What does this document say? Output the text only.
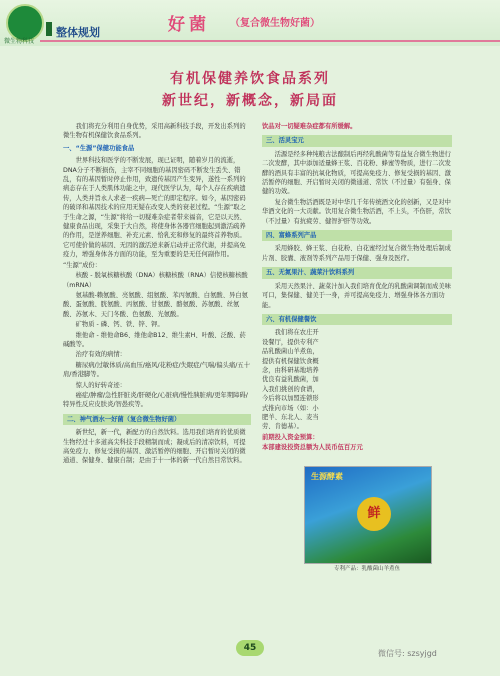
微生物科技
整体规划	好菌 （复合微生物好菌）
有机保健养饮食品系列
新世纪，新概念，新局面

我们将充分利用自身优势，采用高新科技手段，开发出系列的微生物有机保健饮食品系列。

一、“生源”保健功能食品

世界科技和医学的不断发展，现已证明，随着岁月的流逝，DNA分子不断损伤，主宰不同细胞的基因密码不断发生丢失、错乱，有的基因暂时停止作用，致遗传基因产生变异，遂性一系列的病态存在于人类肌体功能之中，现代医学认为，每个人存在疾病遗传，人类并旨永人求老一疾病—死亡的即定程序。如今，基因密码的破译和基因技术的应用无疑在改变人类的衰老过程。“生源”取之于生命之源，“生源”将给一切疑难杂症者带来福音，它是以天然、健康食品出现，采集于大自然，将使身体各器官细胞起到激活疏养的作用，是逆养细胞、补充元素、恰乳充和修复的最终首养物质。它可使价做的基因、无因的激活逆来新启动并正常代谢，并提高免疫力，增强身体各方面的功能，至为重要的是无任何副作用。

“生源”成份：

核酸 - 脱氧核糖核酸（DNA）核糖核酸（RNA）信使核糖核酸（mRNA）

氨基酸-赖氨酸、亮氨酸、组氨酸、苯丙氨酸、白氨酸、异白氨酸、蛋氨酸、胱氨酸、丙氨酸、甘氨酸、酪氨酸、苏氨酸、丝氨酸、苏氨木、天门冬酸、色氨酸、光氨酸。

矿物质 - 磷、钙、铁、锌、钾。

维他命 - 维他命B6、维他命B12、维生素H、叶酸、泛酸、菸碱酸等。

治疗有效的病情：

糖尿病/过敏体质/高血压/癌风/花粉症/失眠症/气喘/偏头痛/五十肩/香港脚等。

惊人的好转奇迹：

癌症/肿瘤/急性肝脏炎/肝硬化/心脏病/慢性胰脏病/更年期障碍/特异性反应皮肤炎/智愚疾等。

二、神气酒水一好菌（复合微生物好菌）

新世纪，新一代，新配方的自然饮料。选用我们培育的优质微生物经过十多道高尖科技手段精制而成；凝成后的清凉饮料，可提高免疫力、修复受损的基因、激活暂停的细胞、开启暂时关闭的微通道、保健身、健康自制；是由于十一体的新一代自然目常饮料。

饮品对一切疑难杂症都有所缓解。

三、活灵宝元

活源是经多种纯粮古法酿制后再经乳酸菌等有益复合微生物进行二次发酵，其中添加适量蜂王浆、百花粉、蜂蜜等物质，进行二次发酵的酒具有丰富的抗氧化物质，可提高免疫力、修复受损的基因、激活暂停的细胞、开启暂时关闭的微通道、常饮（不过量）有强身、保健的功效。

复合微生物活酒既是对中华几千年传统酒文化的创新，又是对中华酒文化的一大贡献。饮用复合微生物活酒，不上头，不伤肝，常饮（不过量）有抗疲劳、健智护肝等功效。

四、富蜂系列产品

采用蜂胶、蜂王浆、白花粉、白花蜜经过复合微生物处理后制成片剂、胶囊、液剂等系列产品用于保健、强身及医疗。

五、无氮果汁、蔬菜汁饮料系列

采用天然果汁、蔬菜汁加入我们培育优化的乳酸菌调制而成美味可口，集保健、健美于一身，并可提高免疫力、增强身体各方面功能。

六、有机保健餐饮

我们将在农庄开设餐厅，提供专利产品乳酸菌山羊煮鱼，提供有机保健饮食概念，由科研基地培养优良有益乳酸菌，加入我们挑创的食谱，今后将以加盟连锁形式推向市场（如：小肥羊、东北人、麦当劳、肯德基）。

前期投入资金预算：

本部建设投资总额为人民币伍百万元

生源酵素
鲜
专利产品：乳酸菌山羊煮鱼
45
微信号: szsyjgd
